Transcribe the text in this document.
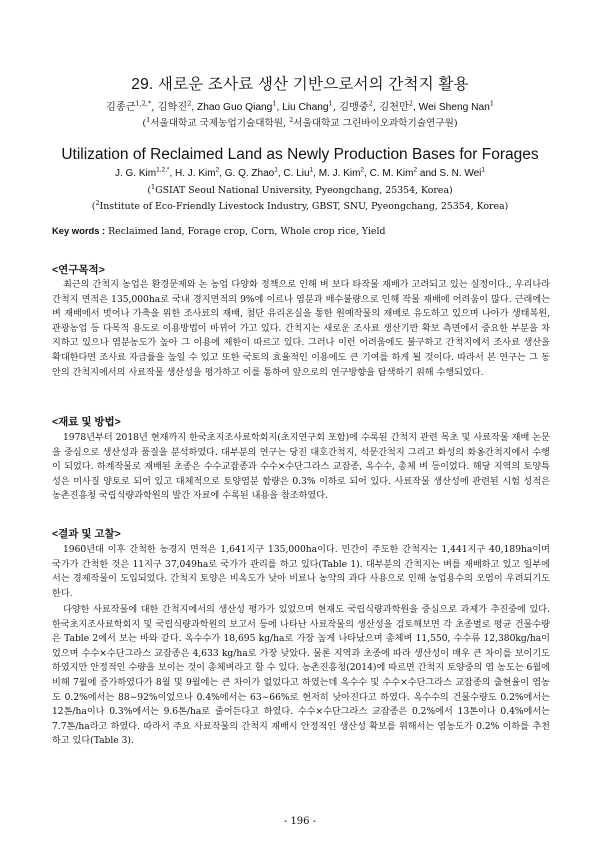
29. 새로운 조사료 생산 기반으로서의 간척지 활용
김종근$^{1,2,*}$, 김학진$^2$, Zhao Guo Qiang$^1$, Liu Chang$^1$, 김맹중$^2$, 김천만$^2$, Wei Sheng Nan$^1$
($^1$서울대학교 국제농업기술대학원, $^2$서울대학교 그린바이오과학기술연구원)
Utilization of Reclaimed Land as Newly Production Bases for Forages
J. G. Kim$^{1,2,*}$, H. J. Kim$^2$, G. Q. Zhao$^1$, C. Liu$^1$, M. J. Kim$^2$, C. M. Kim$^2$ and S. N. Wei$^1$
($^1$GSIAT Seoul National University, Pyeongchang, 25354, Korea)
($^2$Institute of Eco-Friendly Livestock Industry, GBST, SNU, Pyeongchang, 25354, Korea)
Key words : Reclaimed land, Forage crop, Corn, Whole crop rice, Yield
<연구목적>

최근의 간척지 농업은 환경문제와 논 농업 다양화 정책으로 인해 벼 보다 타작물 재배가 고려되고 있는 실정이다., 우리나라 간척지 면적은 135,000ha로 국내 경지면적의 9%에 이르나 염분과 배수불량으로 인해 작물 재배에 어려움이 많다. 근래에는 벼 재배에서 벗어나 가축을 위한 조사료의 재배, 첨단 유리온실을 통한 원예작물의 재배로 유도하고 있으며 나아가 생태복원, 관광농업 등 다목적 용도로 이용방법이 바뀌어 가고 있다. 간척지는 새로운 조사료 생산기반 확보 측면에서 중요한 부분을 차지하고 있으나 염분농도가 높아 그 이용에 제한이 따르고 있다. 그러나 이런 어려움에도 불구하고 간척지에서 조사료 생산을 확대한다면 조사료 자급률을 높일 수 있고 또한 국토의 효율적인 이용에도 큰 기여를 하게 될 것이다. 따라서 본 연구는 그 동안의 간척지에서의 사료작물 생산성을 평가하고 이를 통하여 앞으로의 연구방향을 탐색하기 위해 수행되었다.

<재료 및 방법>

1978년부터 2018년 현재까지 한국초지조사료학회지(초지연구회 포함)에 수록된 간척지 관련 목초 및 사료작물 재배 논문을 중심으로 생산성과 품질을 분석하였다. 대부분의 연구는 당진 대호간척지, 석문간척지 그리고 화성의 화옹간척지에서 수행이 되었다. 하계작물로 재배된 초종은 수수교잡종과 수수×수단그라스 교잡종, 옥수수, 총체 벼 등이었다. 해당 지역의 토양특성은 미사질 양토로 되어 있고 대체적으로 토양염분 함량은 0.3% 이하로 되어 있다. 사료작물 생산성에 관련된 시험 성적은 농촌진흥청 국립식량과학원의 발간 자료에 수록된 내용을 참조하였다.

<결과 및 고찰>

1960년대 이후 간척한 농경지 면적은 1,641지구 135,000ha이다. 민간이 주도한 간척지는 1,441지구 40,189ha이며 국가가 간척한 것은 11지구 37,049ha로 국가가 관리를 하고 있다(Table 1). 대부분의 간척지는 벼를 재배하고 있고 일부에서는 경제작물이 도입되었다. 간척지 토양은 비옥도가 낮아 비료나 농약의 과다 사용으로 인해 농업용수의 오염이 우려되기도 한다.

다양한 사료작물에 대한 간척지에서의 생산성 평가가 있었으며 현재도 국립식량과학원을 중심으로 과제가 추진중에 있다. 한국초지조사료학회지 및 국립식량과학원의 보고서 등에 나타난 사료작물의 생산성을 검토해보면 각 초종별로 평균 건물수량은 Table 2에서 보는 바와 같다. 옥수수가 18,695 kg/ha로 가장 높게 나타났으며 총체벼 11,550, 수수류 12,380kg/ha이었으며 수수×수단그라스 교잡종은 4,633 kg/ha로 가장 낮았다. 물론 지역과 초종에 따라 생산성이 매우 큰 차이를 보이기도 하였지만 안정적인 수량을 보이는 것이 총체벼라고 할 수 있다. 농촌진흥청(2014)에 따르면 간척지 토양중의 염 농도는 6월에 비해 7월에 증가하였다가 8월 및 9월에는 큰 차이가 없었다고 하였는데 옥수수 및 수수×수단그라스 교잡종의 출현율이 염농도 0.2%에서는 88∼92%이었으나 0.4%에서는 63∼66%로 현저히 낮아진다고 하였다. 옥수수의 건물수량도 0.2%에서는 12톤/ha이나 0.3%에서는 9.6톤/ha로 줄어든다고 하였다. 수수×수단그라스 교잡종은 0.2%에서 13톤이나 0.4%에서는 7.7톤/ha라고 하였다. 따라서 주요 사료작물의 간척지 재배시 안정적인 생산성 확보를 위해서는 염농도가 0.2% 이하를 추천하고 있다(Table 3).

- 196 -
